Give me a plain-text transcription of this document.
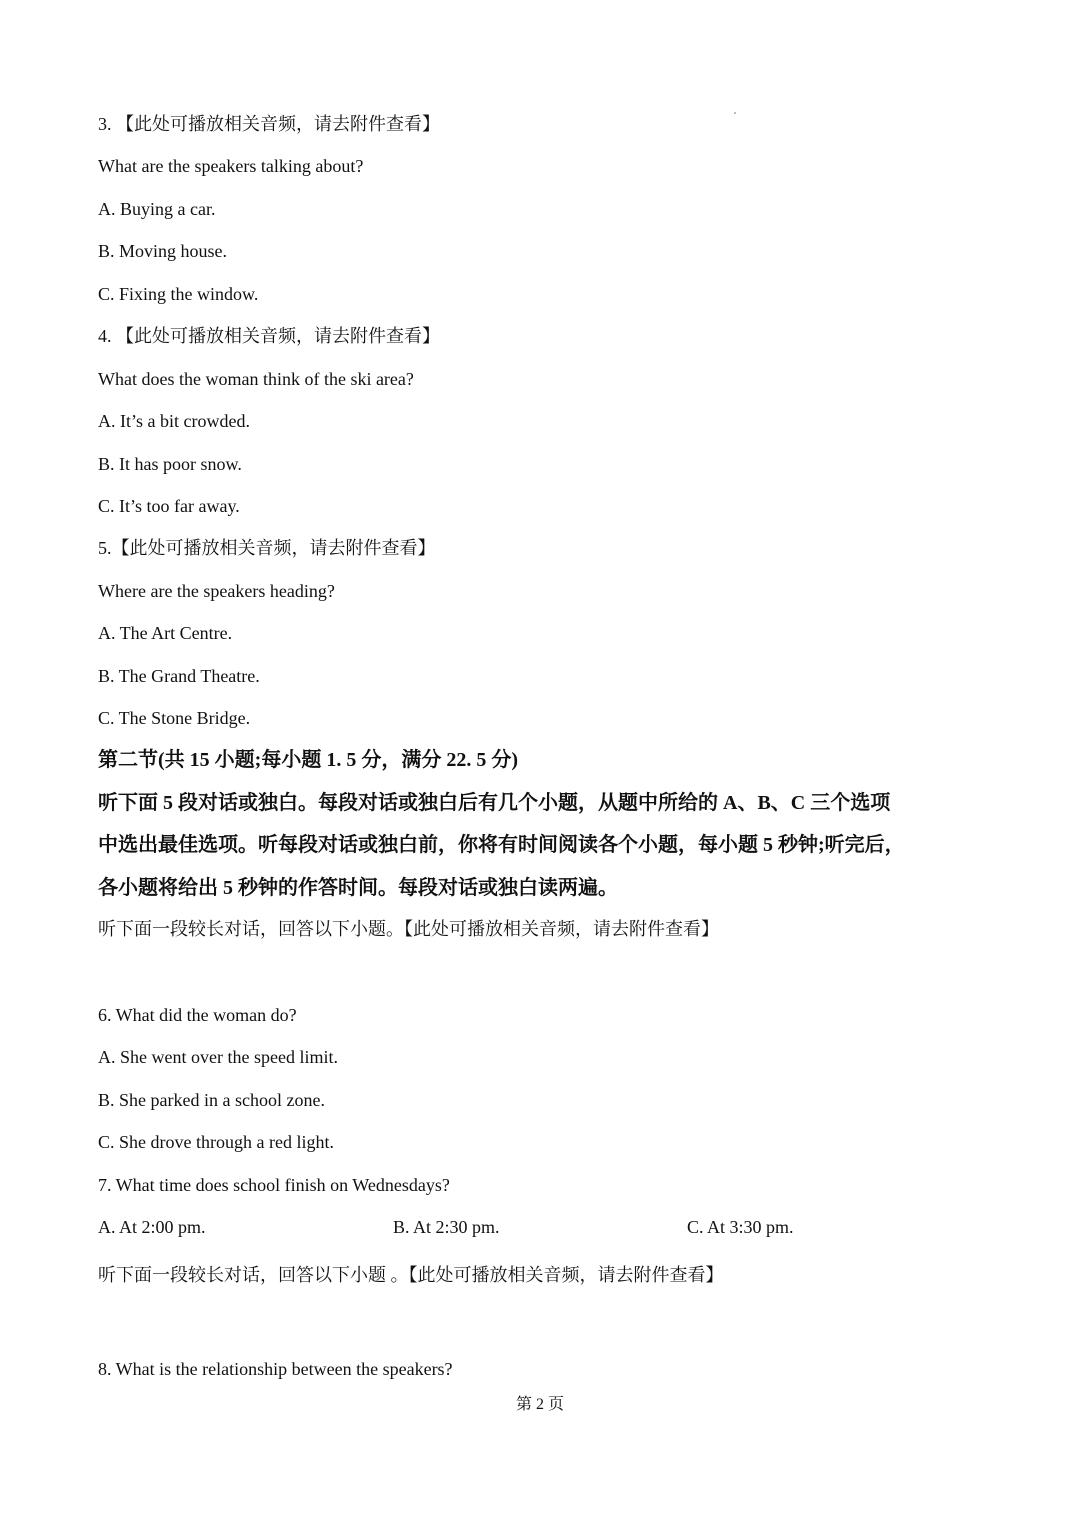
3. 【此处可播放相关音频，请去附件查看】
What are the speakers talking about?
A. Buying a car.
B. Moving house.
C. Fixing the window.
4. 【此处可播放相关音频，请去附件查看】
What does the woman think of the ski area?
A. It’s a bit crowded.
B. It has poor snow.
C. It’s too far away.
5.【此处可播放相关音频，请去附件查看】
Where are the speakers heading?
A. The Art Centre.
B. The Grand Theatre.
C. The Stone Bridge.
第二节(共 15 小题;每小题 1. 5 分，满分 22. 5 分)
听下面 5 段对话或独白。每段对话或独白后有几个小题，从题中所给的 A、B、C 三个选项
中选出最佳选项。听每段对话或独白前，你将有时间阅读各个小题，每小题 5 秒钟;听完后，
各小题将给出 5 秒钟的作答时间。每段对话或独白读两遍。
听下面一段较长对话，回答以下小题。【此处可播放相关音频，请去附件查看】
6. What did the woman do?
A. She went over the speed limit.
B. She parked in a school zone.
C. She drove through a red light.
7. What time does school finish on Wednesdays?
A. At 2:00 pm.	B. At 2:30 pm.	C. At 3:30 pm.
听下面一段较长对话，回答以下小题 。【此处可播放相关音频，请去附件查看】
8. What is the relationship between the speakers?
第 2 页
